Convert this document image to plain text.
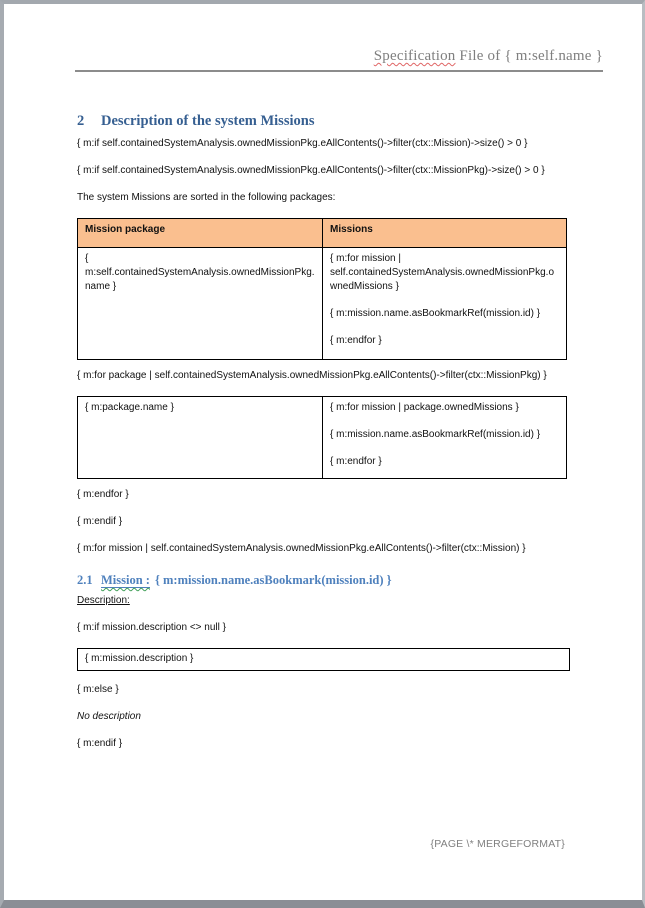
Specification File of { m:self.name }
2	Description of the system Missions

{ m:if self.containedSystemAnalysis.ownedMissionPkg.eAllContents()->filter(ctx::Mission)->size() > 0 }

{ m:if self.containedSystemAnalysis.ownedMissionPkg.eAllContents()->filter(ctx::MissionPkg)->size() > 0 }

The system Missions are sorted in the following packages:

Mission package	Missions
{ m:self.containedSystemAnalysis.ownedMissionPkg.name }	{ m:for mission | self.containedSystemAnalysis.ownedMissionPkg.ownedMissions }
{ m:mission.name.asBookmarkRef(mission.id) }
{ m:endfor }

{ m:for package | self.containedSystemAnalysis.ownedMissionPkg.eAllContents()->filter(ctx::MissionPkg) }

{ m:package.name }	{ m:for mission | package.ownedMissions }
{ m:mission.name.asBookmarkRef(mission.id) }
{ m:endfor }

{ m:endfor }

{ m:endif }

{ m:for mission | self.containedSystemAnalysis.ownedMissionPkg.eAllContents()->filter(ctx::Mission) }

2.1 Mission : { m:mission.name.asBookmark(mission.id) }

Description:

{ m:if mission.description <> null }

{ m:mission.description }

{ m:else }

No description

{ m:endif }

{PAGE \* MERGEFORMAT}
